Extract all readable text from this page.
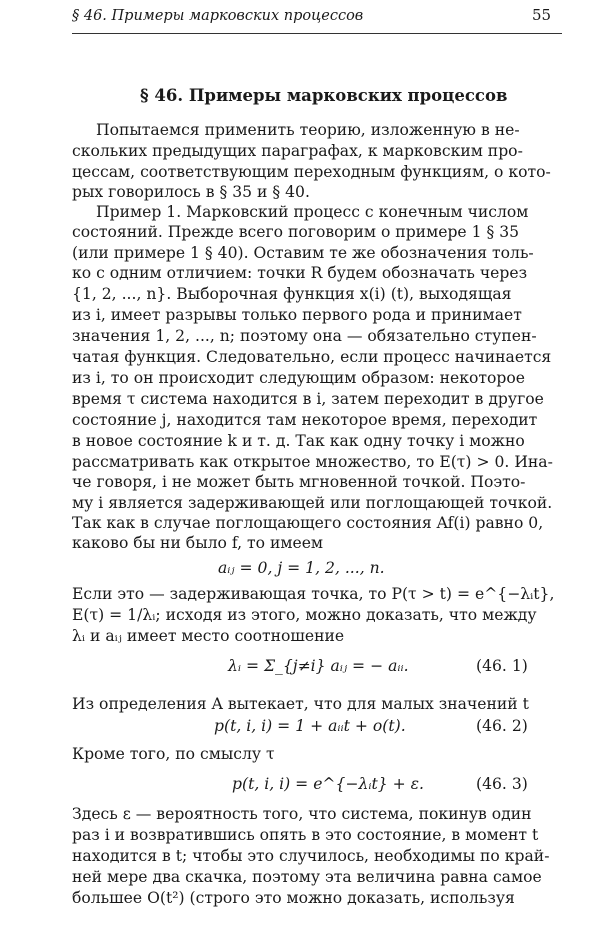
§ 46. Примеры марковских процессов	55
§ 46. Примеры марковских процессов
Попытаемся применить теорию, изложенную в не-
скольких предыдущих параграфах, к марковским про-
цессам, соответствующим переходным функциям, о кото-
рых говорилось в § 35 и § 40.
Пример 1. Марковский процесс с конечным числом
состояний. Прежде всего поговорим о примере 1 § 35
(или примере 1 § 40). Оставим те же обозначения толь-
ко с одним отличием: точки R будем обозначать через
{1, 2, ..., n}. Выборочная функция x(i) (t), выходящая
из i, имеет разрывы только первого рода и принимает
значения 1, 2, ..., n; поэтому она — обязательно ступен-
чатая функция. Следовательно, если процесс начинается
из i, то он происходит следующим образом: некоторое
время τ система находится в i, затем переходит в другое
состояние j, находится там некоторое время, переходит
в новое состояние k и т. д. Так как одну точку i можно
рассматривать как открытое множество, то E(τ) > 0. Ина-
че говоря, i не может быть мгновенной точкой. Поэто-
му i является задерживающей или поглощающей точкой.
Так как в случае поглощающего состояния Af(i) равно 0,
каково бы ни было f, то имеем
aᵢⱼ = 0, j = 1, 2, ..., n.
Если это — задерживающая точка, то P(τ > t) = e^{−λᵢt},
E(τ) = 1/λᵢ; исходя из этого, можно доказать, что между
λᵢ и aᵢⱼ имеет место соотношение
λᵢ = Σ_{j≠i} aᵢⱼ = − aᵢᵢ.	(46. 1)
Из определения A вытекает, что для малых значений t
p(t, i, i) = 1 + aᵢᵢt + o(t).	(46. 2)
Кроме того, по смыслу τ
p(t, i, i) = e^{−λᵢt} + ε.	(46. 3)
Здесь ε — вероятность того, что система, покинув один
раз i и возвратившись опять в это состояние, в момент t
находится в t; чтобы это случилось, необходимы по край-
ней мере два скачка, поэтому эта величина равна самое
большее O(t²) (строго это можно доказать, используя
